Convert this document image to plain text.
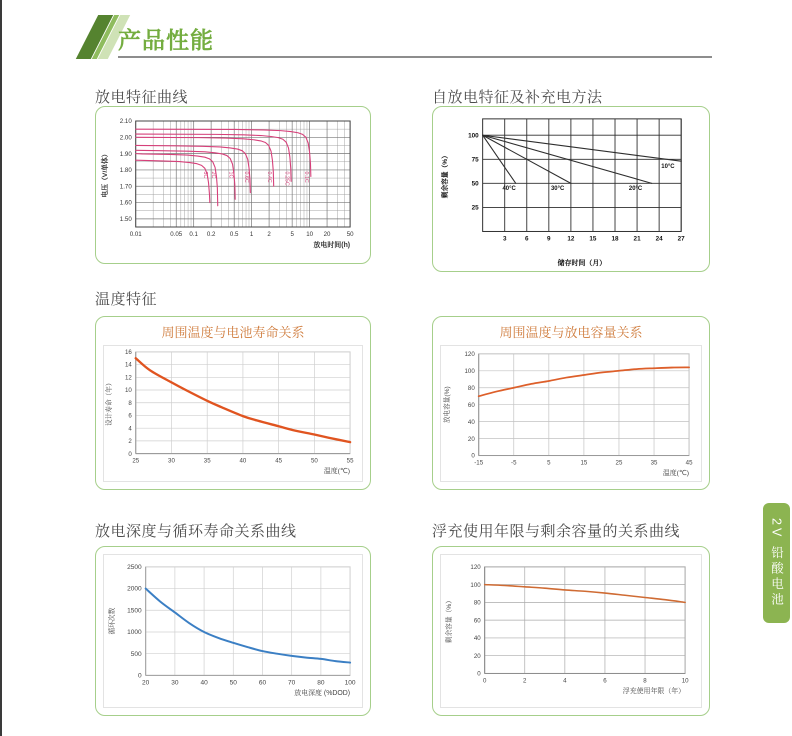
产品性能
放电特征曲线	自放电特征及补充电方法
温度特征
放电深度与循环寿命关系曲线	浮充使用年限与剩余容量的关系曲线
0.01	0.05 0.1 0.2 0.5 1 2	5 10 20	50
2.10
2.00
1.90
1.80
1.70
1.60
1.50
电压（V/单体）
放电时间(h)
3C 2C 1C 0.6C	0.4C 0.25C	0.1C
3	6	9	12 15 18 21 24 27
100
75
50
25
剩余容量（%）
储存时间（月）
40°C	30°C	20°C
10°C
周围温度与电池寿命关系
25	30	35	40	45	50	55
0
2
4
6
8
10
12
14
16
设计寿命（年）
温度(℃)
周围温度与放电容量关系
-15	-5	5	15	25	35	45
0
20
40
60
80
100
120
放电容量(%)
温度(℃)
20	30	40	50	60	70	80	100
0
500
1000
1500
2000
2500
循环次数
放电深度 (%DOD)
0	2	4	6	8	10
0
20
40
60
80
100
120
剩余容量（%）
浮充使用年限（年）
2V 铅酸电池
